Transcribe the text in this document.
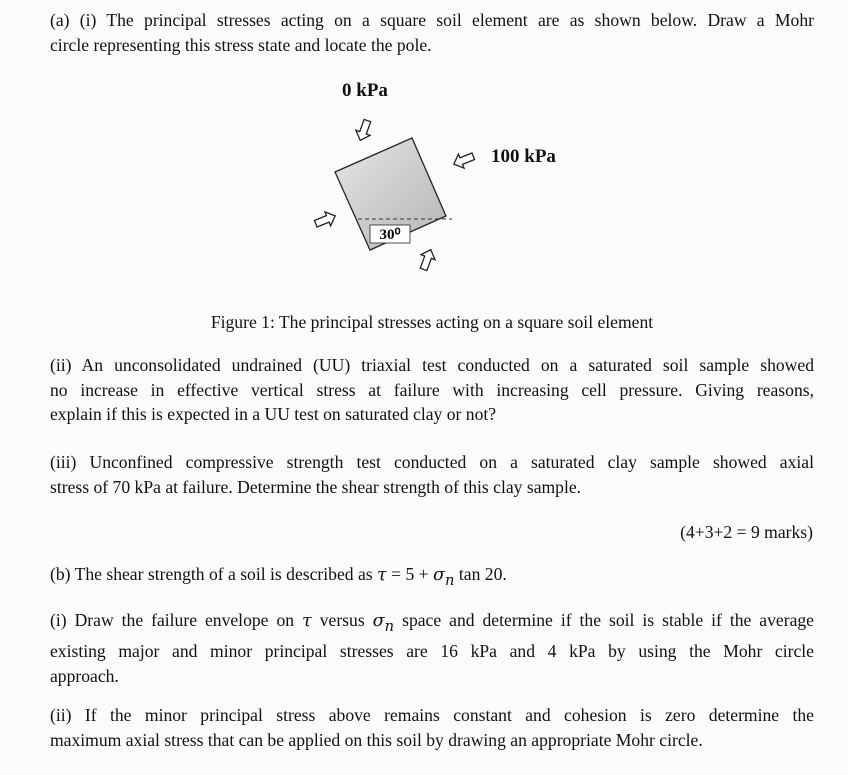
(a) (i) The principal stresses acting on a square soil element are as shown below. Draw a Mohr
circle representing this stress state and locate the pole.
0 kPa
100 kPa
30⁰
Figure 1: The principal stresses acting on a square soil element
(ii) An unconsolidated undrained (UU) triaxial test conducted on a saturated soil sample showed
no increase in effective vertical stress at failure with increasing cell pressure. Giving reasons,
explain if this is expected in a UU test on saturated clay or not?
(iii) Unconfined compressive strength test conducted on a saturated clay sample showed axial
stress of 70 kPa at failure. Determine the shear strength of this clay sample.
(4+3+2 = 9 marks)
(b) The shear strength of a soil is described as $\tau = 5 + \sigma_n$ tan 20.
(i) Draw the failure envelope on τ versus $\sigma_n$ space and determine if the soil is stable if the average
existing major and minor principal stresses are 16 kPa and 4 kPa by using the Mohr circle
approach.
(ii) If the minor principal stress above remains constant and cohesion is zero determine the
maximum axial stress that can be applied on this soil by drawing an appropriate Mohr circle.
